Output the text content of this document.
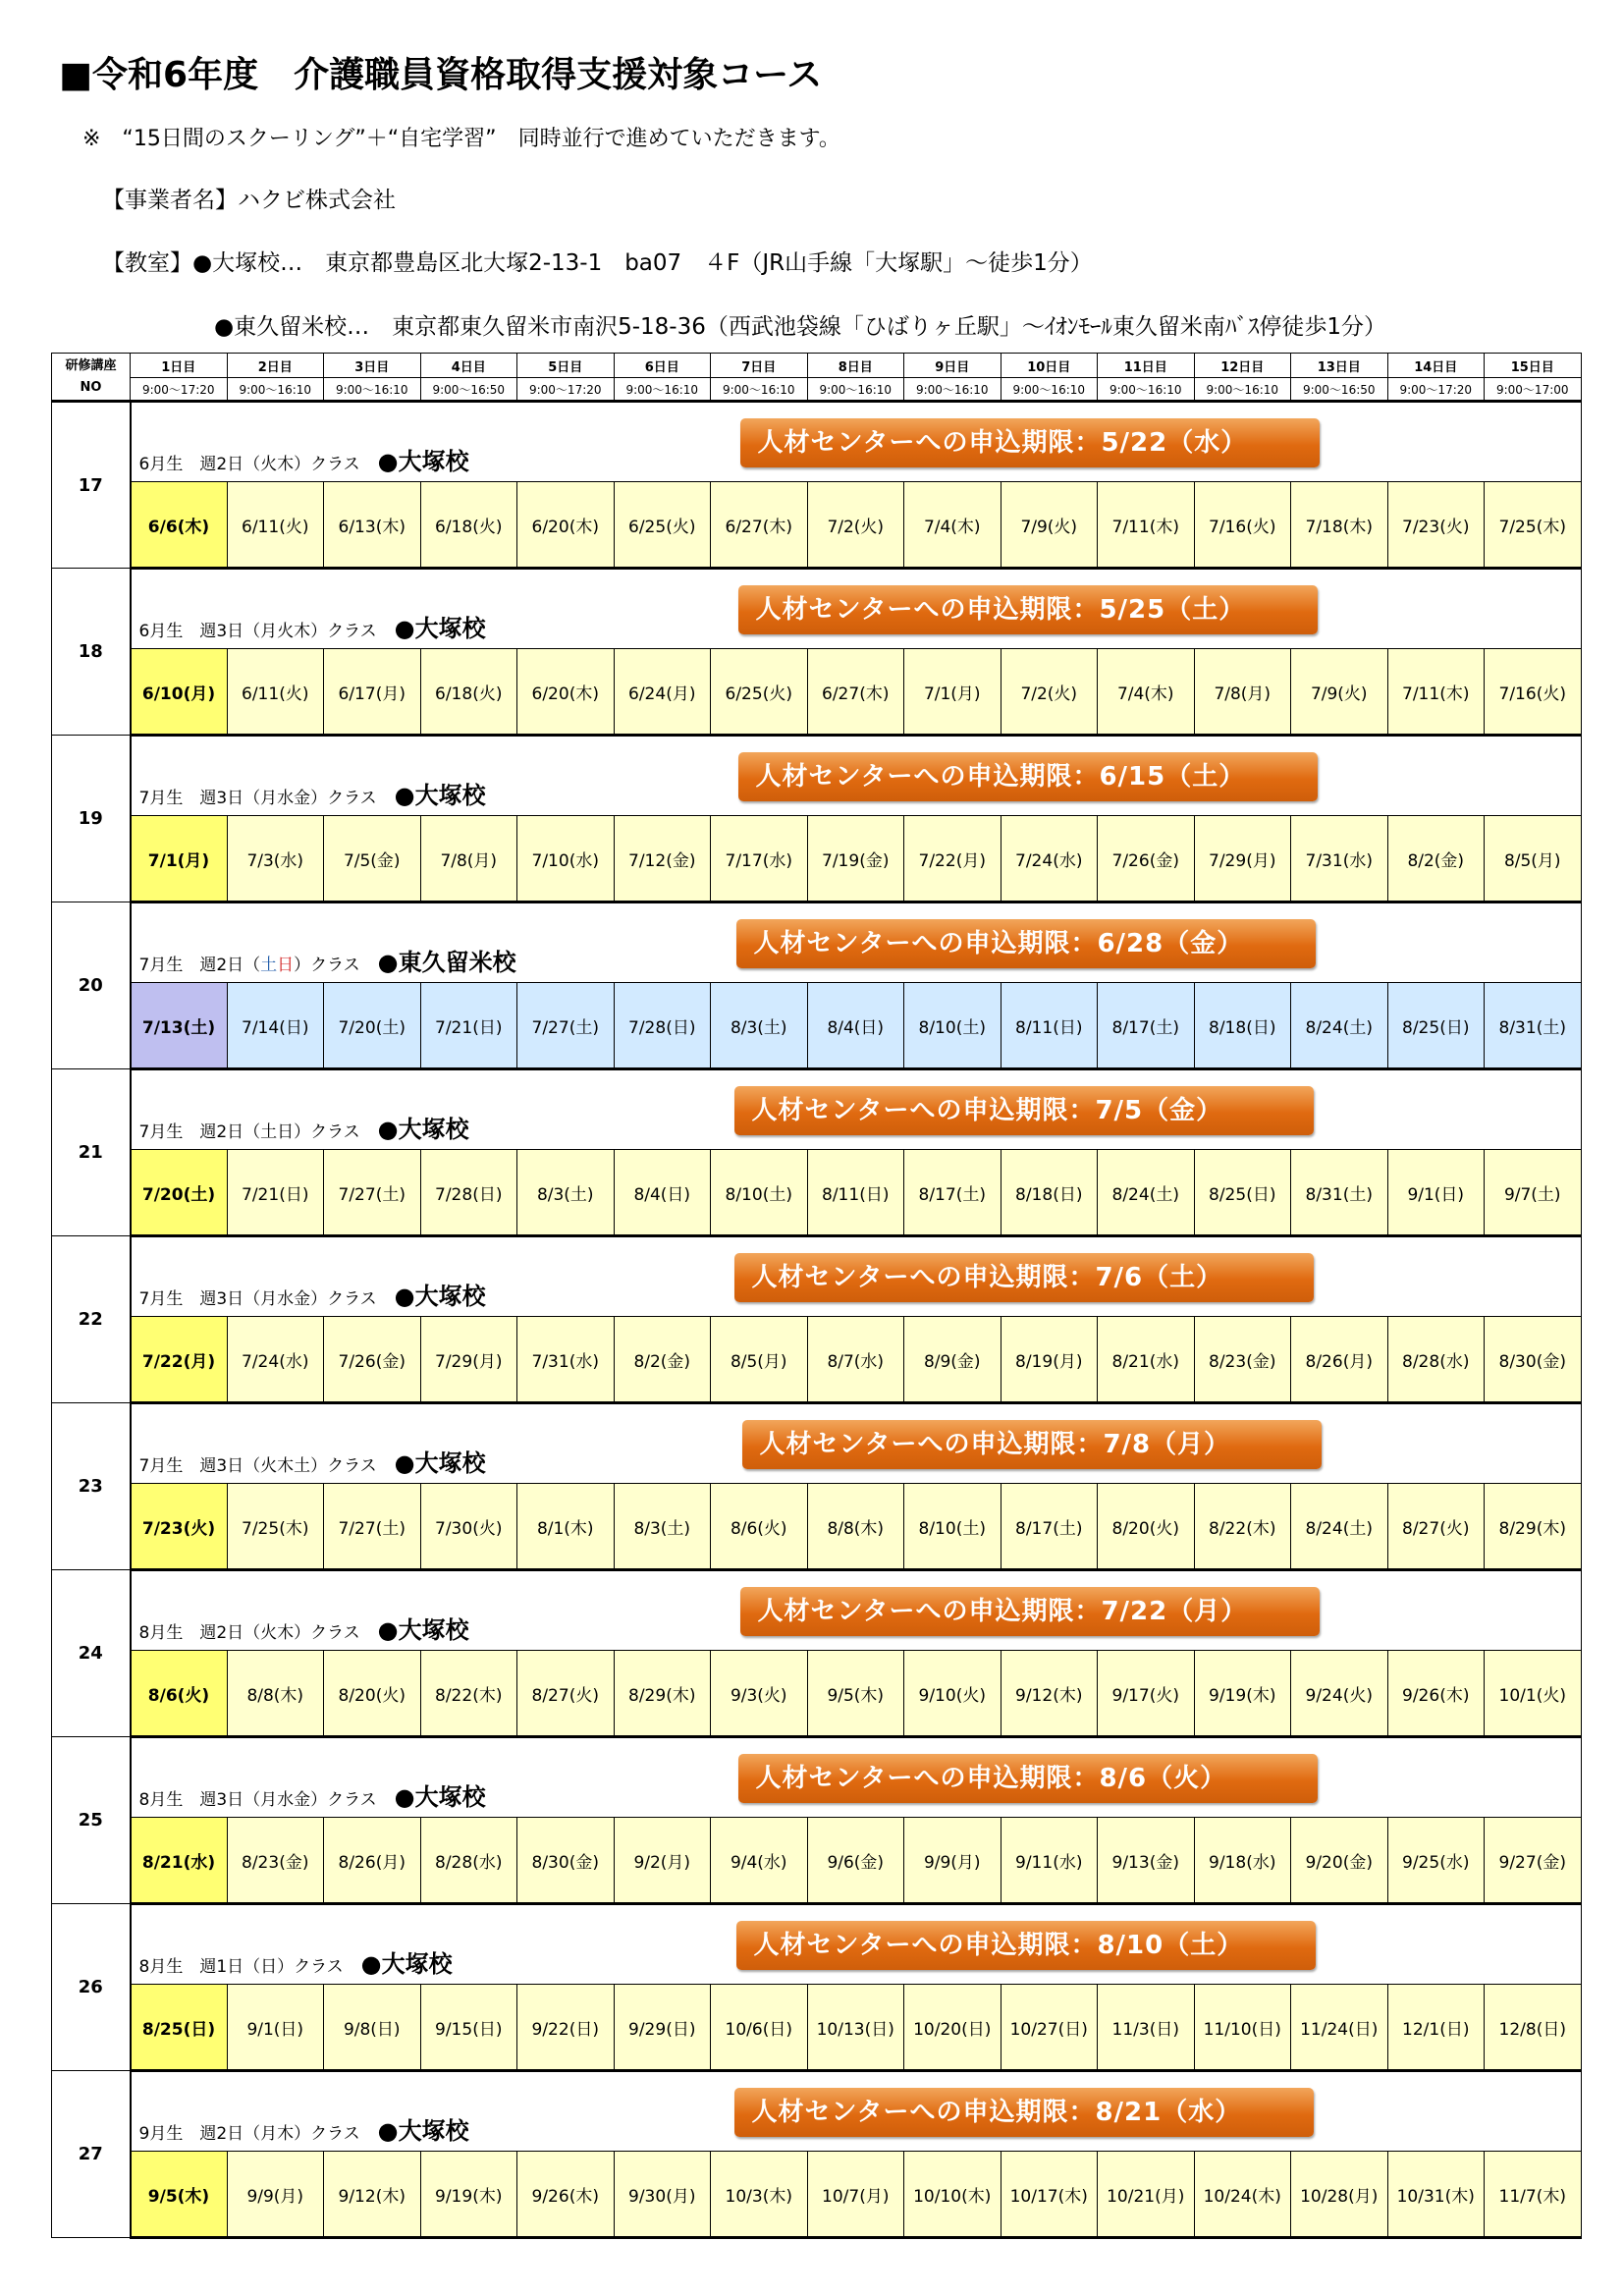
■令和6年度　介護職員資格取得支援対象コース
※　“15日間のスクーリング”＋“自宅学習”　同時並行で進めていただきます。
【事業者名】ハクビ株式会社
【教室】●大塚校…　東京都豊島区北大塚2-13-1　ba07　４F（JR山手線「大塚駅」～徒歩1分）
●東久留米校…　東京都東久留米市南沢5-18-36（西武池袋線「ひばりヶ丘駅」～ｲｵﾝﾓｰﾙ東久留米南ﾊﾞｽ停徒歩1分）
研修講座
NO	1日目	2日目	3日目	4日目	5日目	6日目	7日目	8日目	9日目	10日目	11日目	12日目	13日目	14日目	15日目
	9:00～17:20	9:00～16:10	9:00～16:10	9:00～16:50	9:00～17:20	9:00～16:10	9:00～16:10	9:00～16:10	9:00～16:10	9:00～16:10	9:00～16:10	9:00～16:10	9:00～16:50	9:00～17:20	9:00～17:00
17	6月生　週2日（火木）クラス ●大塚校
人材センターへの申込期限：5/22（水）														

	6/6(木)	6/11(火)	6/13(木)	6/18(火)	6/20(木)	6/25(火)	6/27(木)	7/2(火)	7/4(木)	7/9(火)	7/11(木)	7/16(火)	7/18(木)	7/23(火)	7/25(木)
18	6月生　週3日（月火木）クラス ●大塚校
人材センターへの申込期限：5/25（土）														

	6/10(月)	6/11(火)	6/17(月)	6/18(火)	6/20(木)	6/24(月)	6/25(火)	6/27(木)	7/1(月)	7/2(火)	7/4(木)	7/8(月)	7/9(火)	7/11(木)	7/16(火)
19	7月生　週3日（月水金）クラス ●大塚校
人材センターへの申込期限：6/15（土）														

	7/1(月)	7/3(水)	7/5(金)	7/8(月)	7/10(水)	7/12(金)	7/17(水)	7/19(金)	7/22(月)	7/24(水)	7/26(金)	7/29(月)	7/31(水)	8/2(金)	8/5(月)
20	7月生　週2日（土日）クラス ●東久留米校
人材センターへの申込期限：6/28（金）														

	7/13(土)	7/14(日)	7/20(土)	7/21(日)	7/27(土)	7/28(日)	8/3(土)	8/4(日)	8/10(土)	8/11(日)	8/17(土)	8/18(日)	8/24(土)	8/25(日)	8/31(土)
21	7月生　週2日（土日）クラス ●大塚校
人材センターへの申込期限：7/5（金）														

	7/20(土)	7/21(日)	7/27(土)	7/28(日)	8/3(土)	8/4(日)	8/10(土)	8/11(日)	8/17(土)	8/18(日)	8/24(土)	8/25(日)	8/31(土)	9/1(日)	9/7(土)
22	7月生　週3日（月水金）クラス ●大塚校
人材センターへの申込期限：7/6（土）														

	7/22(月)	7/24(水)	7/26(金)	7/29(月)	7/31(水)	8/2(金)	8/5(月)	8/7(水)	8/9(金)	8/19(月)	8/21(水)	8/23(金)	8/26(月)	8/28(水)	8/30(金)
23	7月生　週3日（火木土）クラス ●大塚校
人材センターへの申込期限：7/8（月）														

	7/23(火)	7/25(木)	7/27(土)	7/30(火)	8/1(木)	8/3(土)	8/6(火)	8/8(木)	8/10(土)	8/17(土)	8/20(火)	8/22(木)	8/24(土)	8/27(火)	8/29(木)
24	8月生　週2日（火木）クラス ●大塚校
人材センターへの申込期限：7/22（月）														

	8/6(火)	8/8(木)	8/20(火)	8/22(木)	8/27(火)	8/29(木)	9/3(火)	9/5(木)	9/10(火)	9/12(木)	9/17(火)	9/19(木)	9/24(火)	9/26(木)	10/1(火)
25	8月生　週3日（月水金）クラス ●大塚校
人材センターへの申込期限：8/6（火）														

	8/21(水)	8/23(金)	8/26(月)	8/28(水)	8/30(金)	9/2(月)	9/4(水)	9/6(金)	9/9(月)	9/11(水)	9/13(金)	9/18(水)	9/20(金)	9/25(水)	9/27(金)
26	8月生　週1日（日）クラス ●大塚校
人材センターへの申込期限：8/10（土）														

	8/25(日)	9/1(日)	9/8(日)	9/15(日)	9/22(日)	9/29(日)	10/6(日)	10/13(日)	10/20(日)	10/27(日)	11/3(日)	11/10(日)	11/24(日)	12/1(日)	12/8(日)
27	9月生　週2日（月木）クラス ●大塚校
人材センターへの申込期限：8/21（水）														

	9/5(木)	9/9(月)	9/12(木)	9/19(木)	9/26(木)	9/30(月)	10/3(木)	10/7(月)	10/10(木)	10/17(木)	10/21(月)	10/24(木)	10/28(月)	10/31(木)	11/7(木)
